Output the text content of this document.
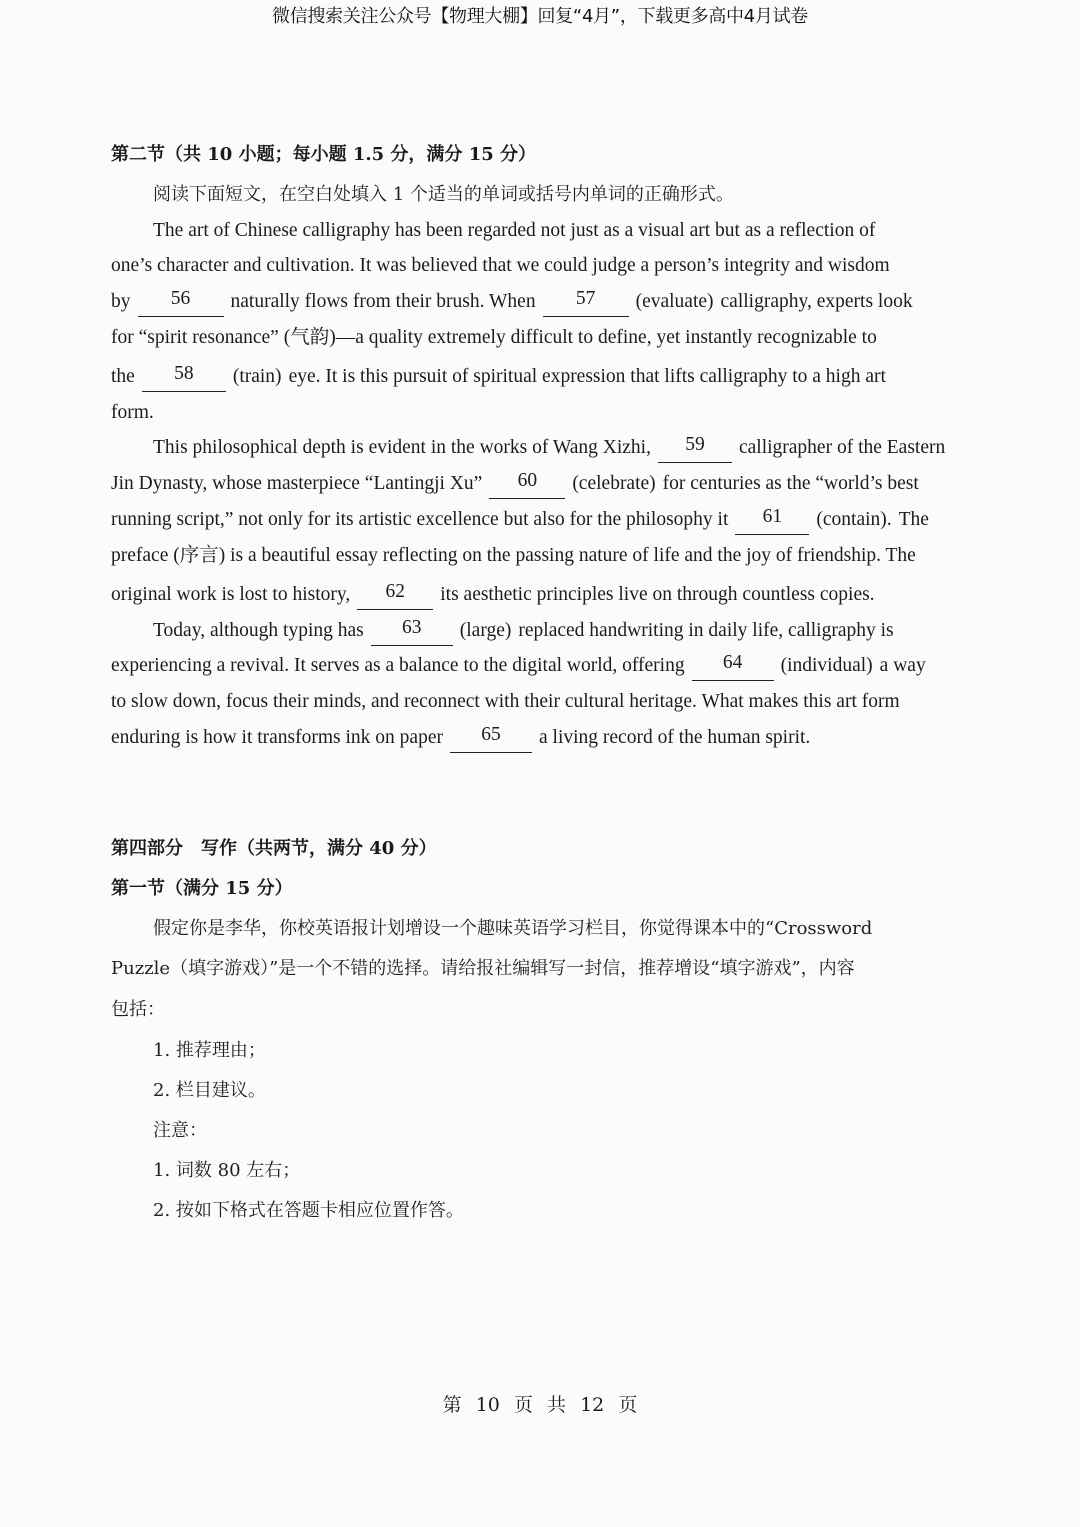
微信搜索关注公众号【物理大棚】回复“4月”，下载更多高中4月试卷
第二节（共 10 小题；每小题 1.5 分，满分 15 分）
阅读下面短文，在空白处填入 1 个适当的单词或括号内单词的正确形式。
The art of Chinese calligraphy has been regarded not just as a visual art but as a reflection of
one’s character and cultivation. It was believed that we could judge a person’s integrity and wisdom
by	56	naturally flows from their brush. When	57	(evaluate) calligraphy, experts look
for “spirit resonance” (气韵)—a quality extremely difficult to define, yet instantly recognizable to
the	58	(train) eye. It is this pursuit of spiritual expression that lifts calligraphy to a high art
form.
This philosophical depth is evident in the works of Wang Xizhi,	59	calligrapher of the Eastern
Jin Dynasty, whose masterpiece “Lantingji Xu”	60	(celebrate) for centuries as the “world’s best
running script,” not only for its artistic excellence but also for the philosophy it	61	(contain). The
preface (序言) is a beautiful essay reflecting on the passing nature of life and the joy of friendship. The
original work is lost to history,	62	its aesthetic principles live on through countless copies.
Today, although typing has	63	(large) replaced handwriting in daily life, calligraphy is
experiencing a revival. It serves as a balance to the digital world, offering	64	(individual) a way
to slow down, focus their minds, and reconnect with their cultural heritage. What makes this art form
enduring is how it transforms ink on paper	65	a living record of the human spirit.
第四部分　写作（共两节，满分 40 分）
第一节（满分 15 分）
假定你是李华，你校英语报计划增设一个趣味英语学习栏目，你觉得课本中的“Crossword
Puzzle（填字游戏）”是一个不错的选择。请给报社编辑写一封信，推荐增设“填字游戏”，内容
包括：
1. 推荐理由；
2. 栏目建议。
注意：
1. 词数 80 左右；
2. 按如下格式在答题卡相应位置作答。
第 10 页 共 12 页
